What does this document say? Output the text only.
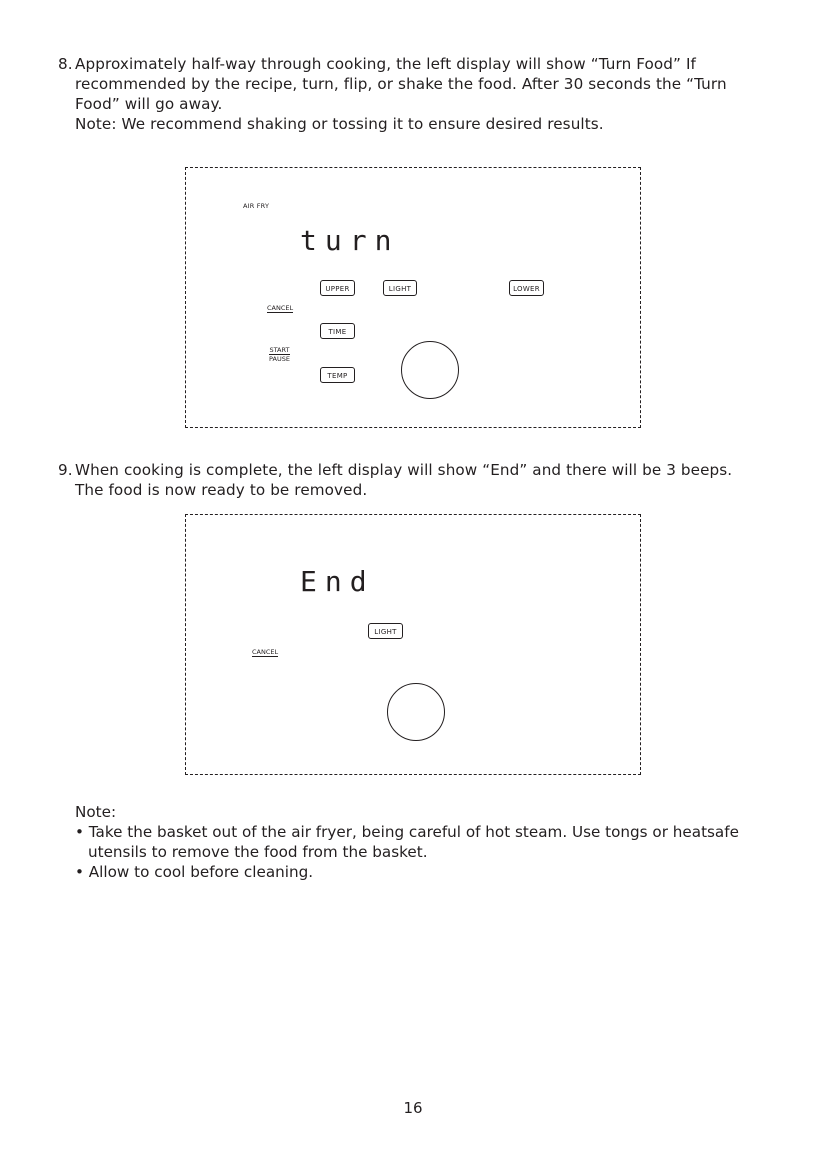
8. Approximately half-way through cooking, the left display will show “Turn Food” If

recommended by the recipe, turn, flip, or shake the food. After 30 seconds the “Turn

Food” will go away.

Note: We recommend shaking or tossing it to ensure desired results.

AIR FRY
turn
UPPER	LIGHT	LOWER
CANCEL
TIME
START
PAUSE
TEMP
9. When cooking is complete, the left display will show “End” and there will be 3 beeps.

The food is now ready to be removed.

End
LIGHT
CANCEL

Note:

• Take the basket out of the air fryer, being careful of hot steam. Use tongs or heatsafe utensils to remove the food from the basket.

• Allow to cool before cleaning.

16
